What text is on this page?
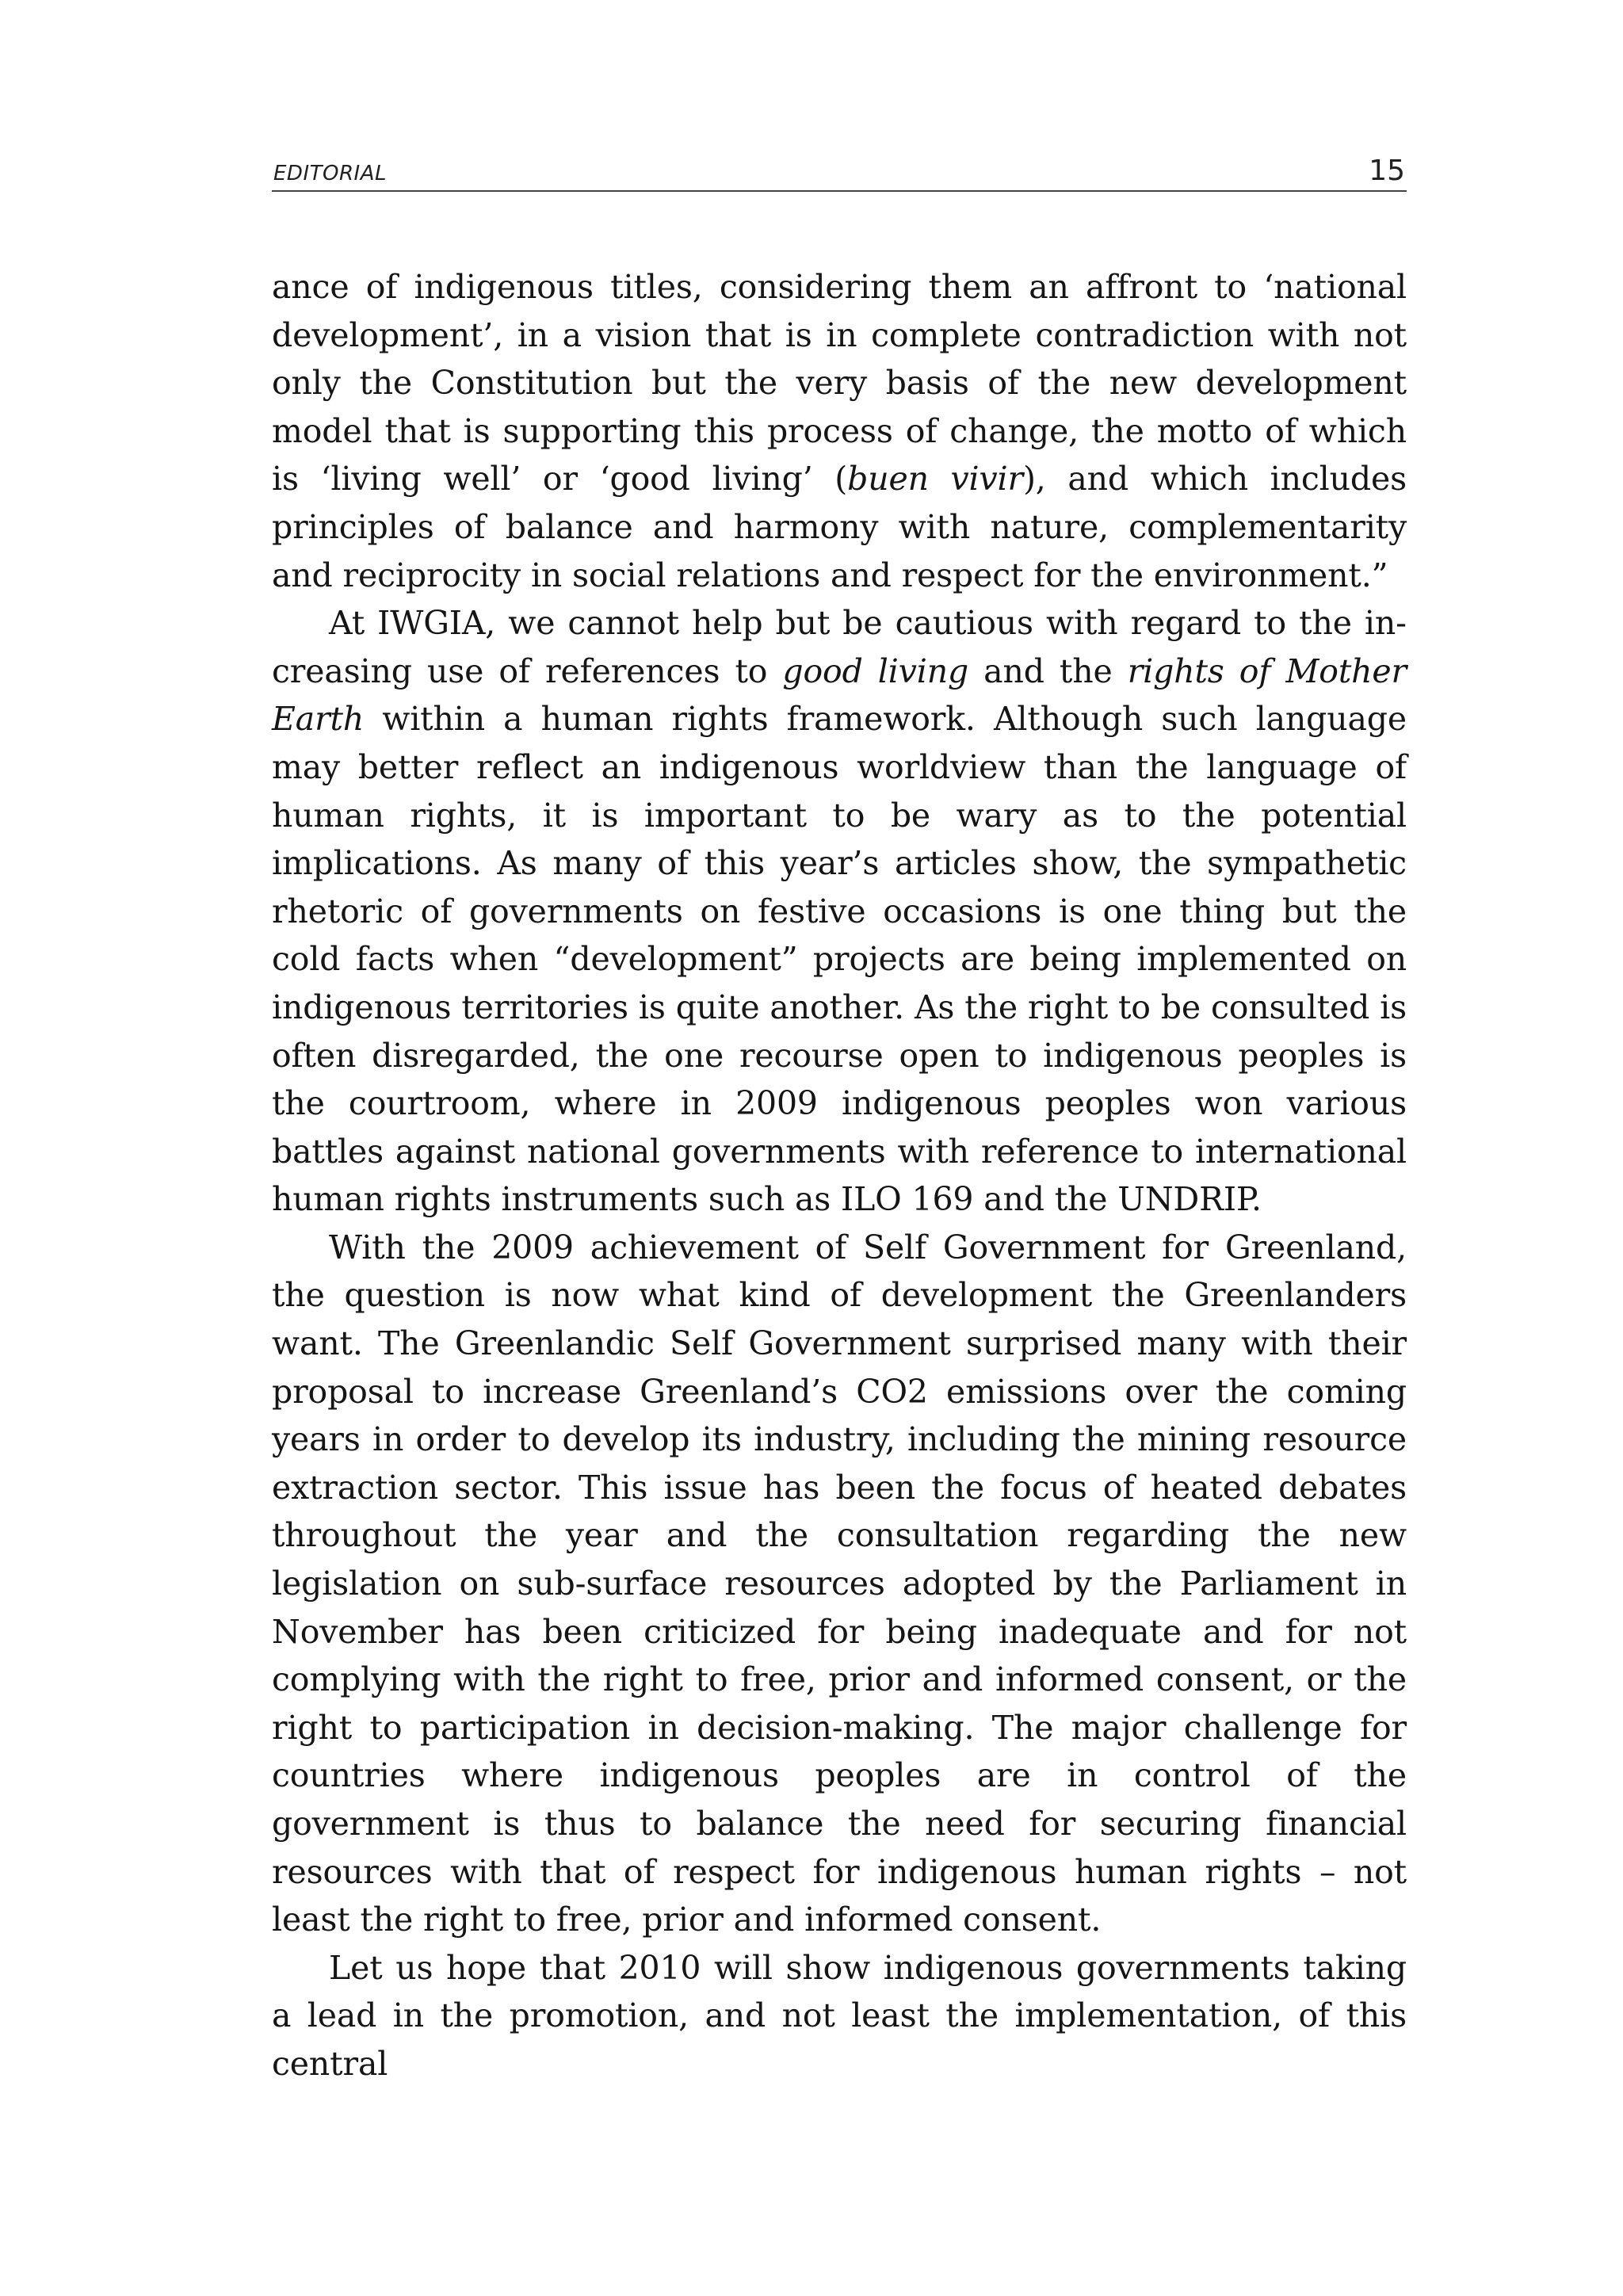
EDITORIAL	15

ance of indigenous titles, considering them an affront to ‘national development’, in a vision that is in complete contradiction with not only the Constitution but the very basis of the new development model that is supporting this process of change, the motto of which is ‘living well’ or ‘good living’ (buen vivir), and which includes principles of balance and harmony with nature, complementarity and reciprocity in social relations and respect for the environment.”

At IWGIA, we cannot help but be cautious with regard to the increasing use of references to good living and the rights of Mother Earth within a human rights framework. Although such language may better reflect an indigenous worldview than the language of human rights, it is important to be wary as to the potential implications. As many of this year’s articles show, the sympathetic rhetoric of governments on festive occasions is one thing but the cold facts when “development” projects are being implemented on indigenous territories is quite another. As the right to be consulted is often disregarded, the one recourse open to indigenous peoples is the courtroom, where in 2009 indigenous peoples won various battles against national governments with reference to international human rights instruments such as ILO 169 and the UNDRIP.

With the 2009 achievement of Self Government for Greenland, the question is now what kind of development the Greenlanders want. The Greenlandic Self Government surprised many with their proposal to increase Greenland’s CO2 emissions over the coming years in order to develop its industry, including the mining resource extraction sector. This issue has been the focus of heated debates throughout the year and the consultation regarding the new legislation on sub-surface resources adopted by the Parliament in November has been criticized for being inadequate and for not complying with the right to free, prior and informed consent, or the right to participation in decision-making. The major challenge for countries where indigenous peoples are in control of the government is thus to balance the need for securing financial resources with that of respect for indigenous human rights – not least the right to free, prior and informed consent.

Let us hope that 2010 will show indigenous governments taking a lead in the promotion, and not least the implementation, of this central
